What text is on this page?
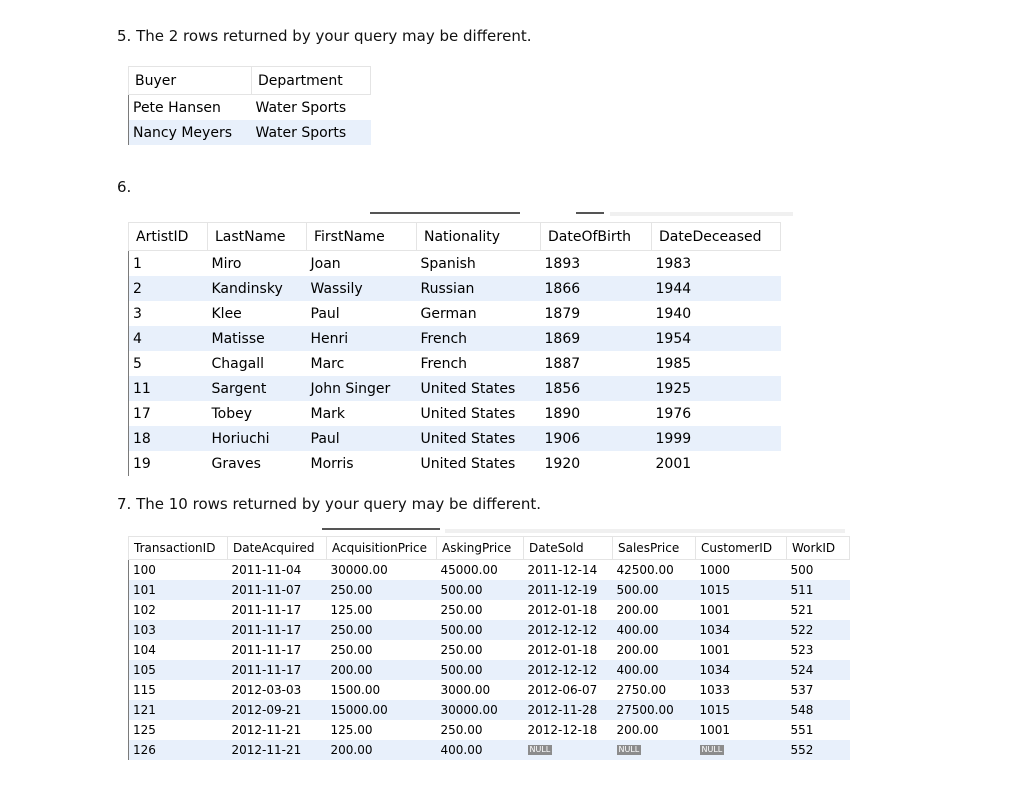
5. The 2 rows returned by your query may be different.
Buyer	Department
Pete Hansen	Water Sports
Nancy Meyers	Water Sports
6.
ArtistID	LastName	FirstName	Nationality	DateOfBirth	DateDeceased
1	Miro	Joan	Spanish	1893	1983
2	Kandinsky	Wassily	Russian	1866	1944
3	Klee	Paul	German	1879	1940
4	Matisse	Henri	French	1869	1954
5	Chagall	Marc	French	1887	1985
11	Sargent	John Singer	United States	1856	1925
17	Tobey	Mark	United States	1890	1976
18	Horiuchi	Paul	United States	1906	1999
19	Graves	Morris	United States	1920	2001
7. The 10 rows returned by your query may be different.
TransactionID	DateAcquired	AcquisitionPrice	AskingPrice	DateSold	SalesPrice	CustomerID	WorkID
100	2011-11-04	30000.00	45000.00	2011-12-14	42500.00	1000	500
101	2011-11-07	250.00	500.00	2011-12-19	500.00	1015	511
102	2011-11-17	125.00	250.00	2012-01-18	200.00	1001	521
103	2011-11-17	250.00	500.00	2012-12-12	400.00	1034	522
104	2011-11-17	250.00	250.00	2012-01-18	200.00	1001	523
105	2011-11-17	200.00	500.00	2012-12-12	400.00	1034	524
115	2012-03-03	1500.00	3000.00	2012-06-07	2750.00	1033	537
121	2012-09-21	15000.00	30000.00	2012-11-28	27500.00	1015	548
125	2012-11-21	125.00	250.00	2012-12-18	200.00	1001	551
126	2012-11-21	200.00	400.00	NULL	NULL	NULL	552
